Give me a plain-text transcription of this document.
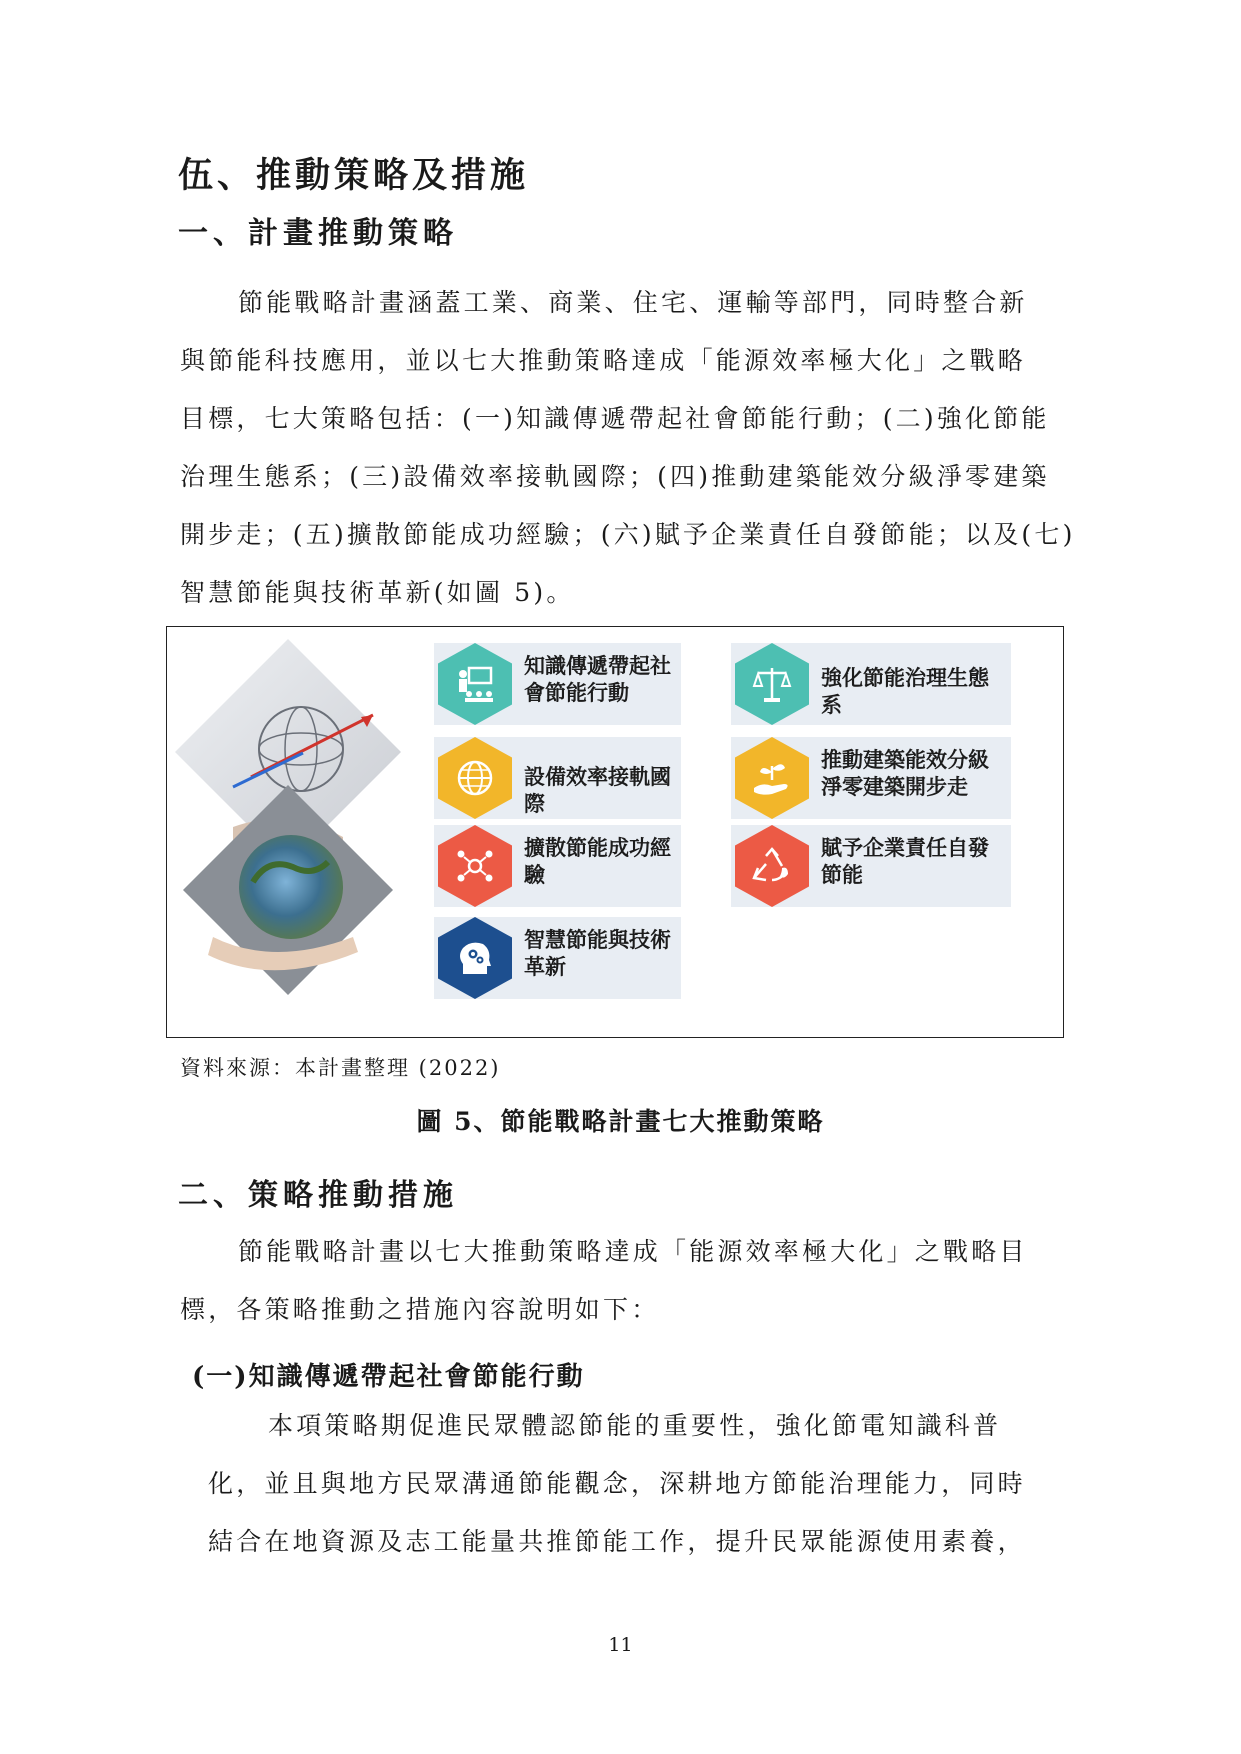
伍、推動策略及措施
一、計畫推動策略
節能戰略計畫涵蓋工業、商業、住宅、運輸等部門，同時整合新
與節能科技應用，並以七大推動策略達成「能源效率極大化」之戰略
目標，七大策略包括：(一)知識傳遞帶起社會節能行動；(二)強化節能
治理生態系；(三)設備效率接軌國際；(四)推動建築能效分級淨零建築
開步走；(五)擴散節能成功經驗；(六)賦予企業責任自發節能；以及(七)
智慧節能與技術革新(如圖 5)。
知識傳遞帶起社會節能行動
強化節能治理生態系
設備效率接軌國際
推動建築能效分級淨零建築開步走
擴散節能成功經驗
賦予企業責任自發節能
智慧節能與技術革新
資料來源：本計畫整理 (2022)
圖 5、節能戰略計畫七大推動策略
二、策略推動措施
節能戰略計畫以七大推動策略達成「能源效率極大化」之戰略目
標，各策略推動之措施內容說明如下：
(一)知識傳遞帶起社會節能行動
本項策略期促進民眾體認節能的重要性，強化節電知識科普
化，並且與地方民眾溝通節能觀念，深耕地方節能治理能力，同時
結合在地資源及志工能量共推節能工作，提升民眾能源使用素養，
11
